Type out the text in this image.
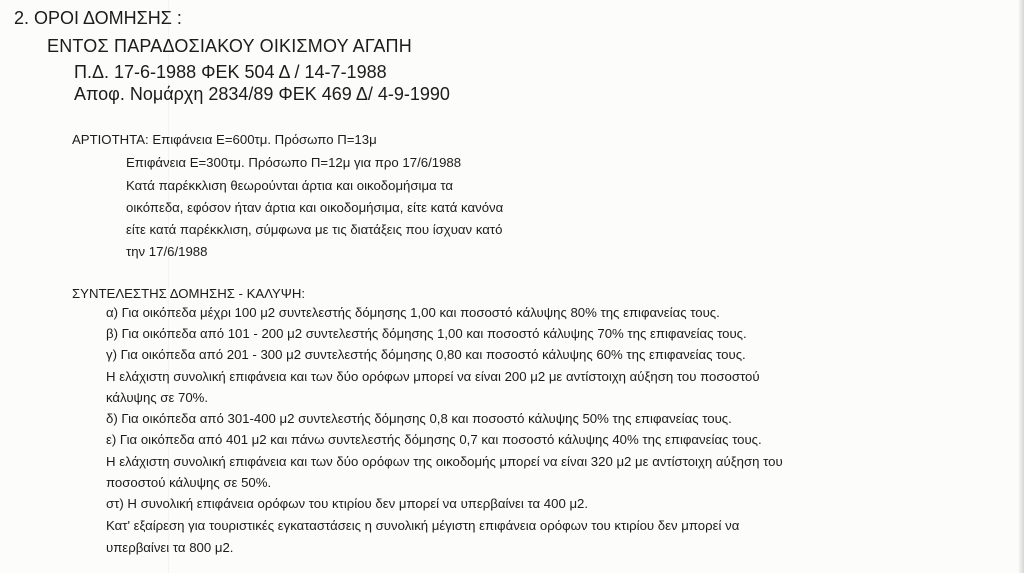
2. ΟΡΟΙ ΔΟΜΗΣΗΣ :
ΕΝΤΟΣ ΠΑΡΑΔΟΣΙΑΚΟΥ ΟΙΚΙΣΜΟΥ ΑΓΑΠΗ
Π.Δ. 17-6-1988 ΦΕΚ 504 Δ / 14-7-1988
Αποφ. Νομάρχη 2834/89 ΦΕΚ 469 Δ/ 4-9-1990
ΑΡΤΙΟΤΗΤΑ: Επιφάνεια Ε=600τμ. Πρόσωπο Π=13μ
Επιφάνεια Ε=300τμ. Πρόσωπο Π=12μ για προ 17/6/1988
Κατά παρέκκλιση θεωρούνται άρτια και οικοδομήσιμα τα
οικόπεδα, εφόσον ήταν άρτια και οικοδομήσιμα, είτε κατά κανόνα
είτε κατά παρέκκλιση, σύμφωνα με τις διατάξεις που ίσχυαν κατό
την 17/6/1988
ΣΥΝΤΕΛΕΣΤΗΣ ΔΟΜΗΣΗΣ - ΚΑΛΥΨΗ:
α) Για οικόπεδα μέχρι 100 μ2 συντελεστής δόμησης 1,00 και ποσοστό κάλυψης 80% της επιφανείας τους.
β) Για οικόπεδα από 101 - 200 μ2 συντελεστής δόμησης 1,00 και ποσοστό κάλυψης 70% της επιφανείας τους.
γ) Για οικόπεδα από 201 - 300 μ2 συντελεστής δόμησης 0,80 και ποσοστό κάλυψης 60% της επιφανείας τους.
Η ελάχιστη συνολική επιφάνεια και των δύο ορόφων μπορεί να είναι 200 μ2 με αντίστοιχη αύξηση του ποσοστού
κάλυψης σε 70%.
δ) Για οικόπεδα από 301-400 μ2 συντελεστής δόμησης 0,8 και ποσοστό κάλυψης 50% της επιφανείας τους.
ε) Για οικόπεδα από 401 μ2 και πάνω συντελεστής δόμησης 0,7 και ποσοστό κάλυψης 40% της επιφανείας τους.
Η ελάχιστη συνολική επιφάνεια και των δύο ορόφων της οικοδομής μπορεί να είναι 320 μ2 με αντίστοιχη αύξηση του
ποσοστού κάλυψης σε 50%.
στ) Η συνολική επιφάνεια ορόφων του κτιρίου δεν μπορεί να υπερβαίνει τα 400 μ2.
Κατ' εξαίρεση για τουριστικές εγκαταστάσεις η συνολική μέγιστη επιφάνεια ορόφων του κτιρίου δεν μπορεί να
υπερβαίνει τα 800 μ2.
